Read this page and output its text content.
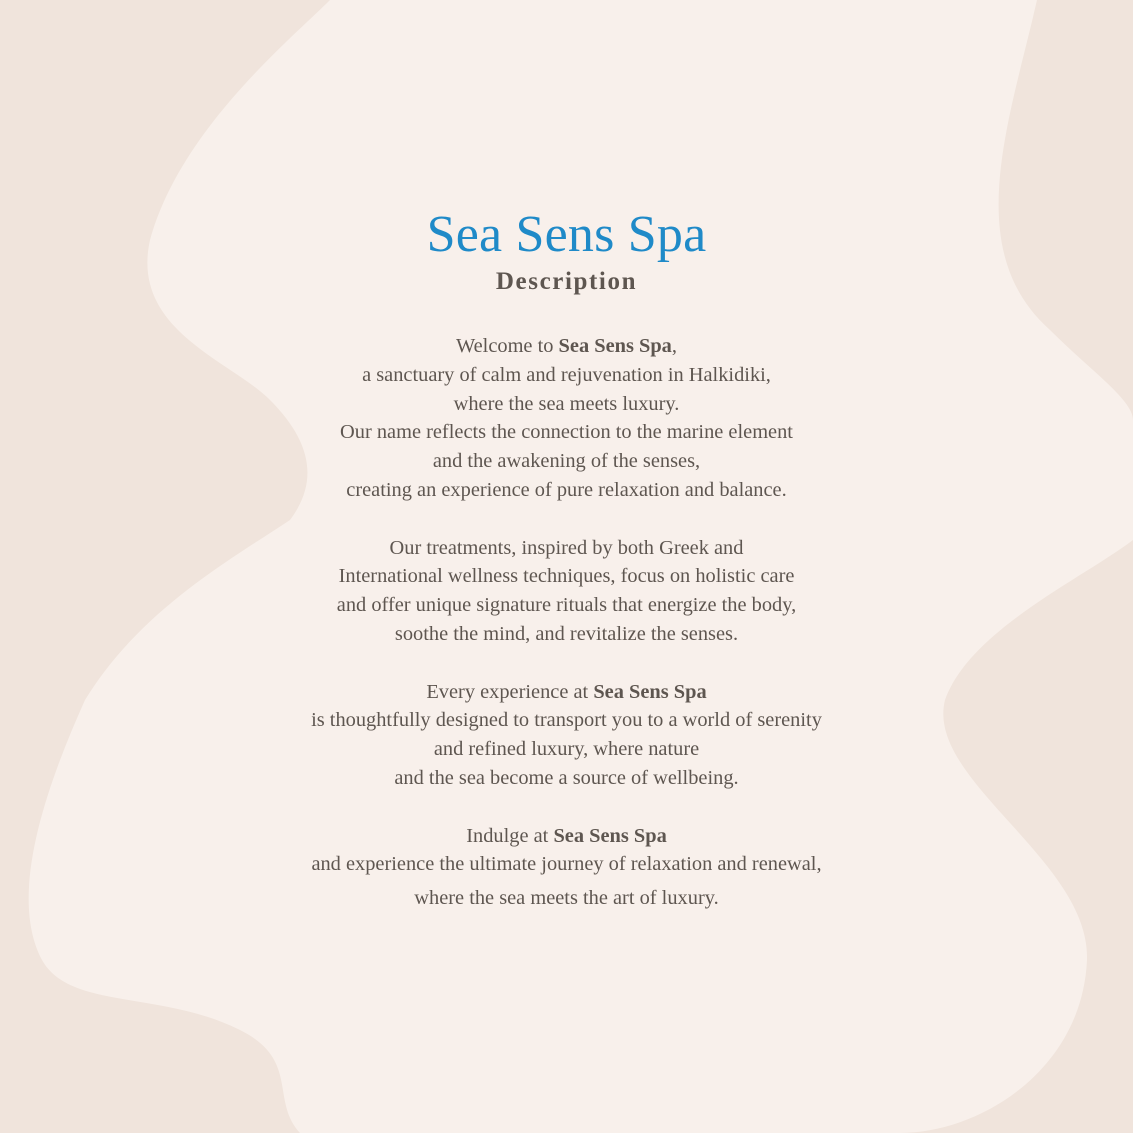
Sea Sens Spa
Description

Welcome to Sea Sens Spa,
a sanctuary of calm and rejuvenation in Halkidiki,
where the sea meets luxury.
Our name reflects the connection to the marine element
and the awakening of the senses,
creating an experience of pure relaxation and balance.

Our treatments, inspired by both Greek and
International wellness techniques, focus on holistic care
and offer unique signature rituals that energize the body,
soothe the mind, and revitalize the senses.

Every experience at Sea Sens Spa
is thoughtfully designed to transport you to a world of serenity
and refined luxury, where nature
and the sea become a source of wellbeing.

Indulge at Sea Sens Spa
and experience the ultimate journey of relaxation and renewal,
where the sea meets the art of luxury.
